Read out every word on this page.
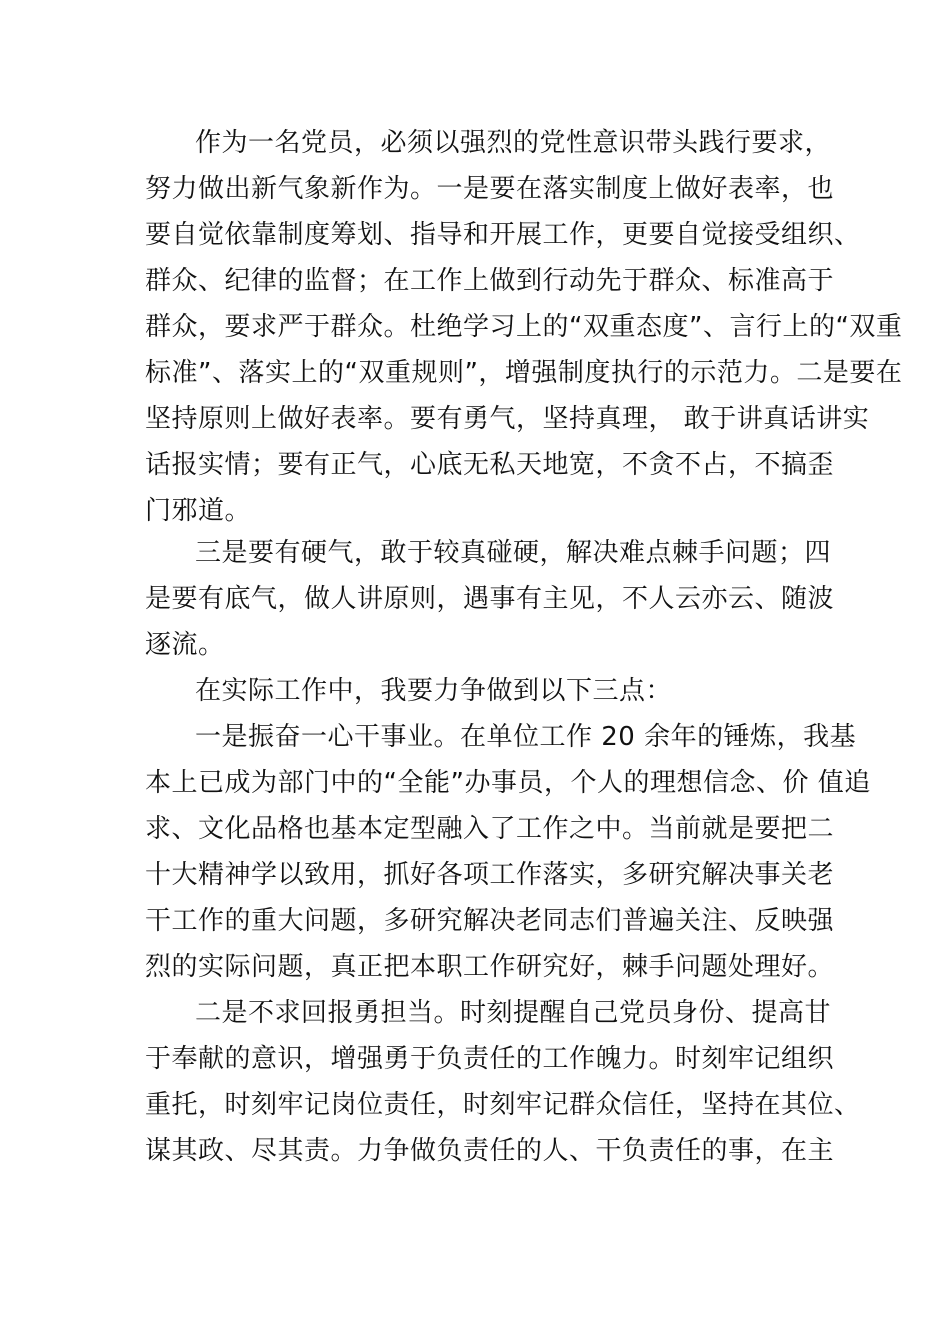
作为一名党员，必须以强烈的党性意识带头践行要求，
努力做出新气象新作为。一是要在落实制度上做好表率，也
要自觉依靠制度筹划、指导和开展工作，更要自觉接受组织、
群众、纪律的监督；在工作上做到行动先于群众、标准高于
群众，要求严于群众。杜绝学习上的“双重态度”、言行上的“双重
标准”、落实上的“双重规则”，增强制度执行的示范力。二是要在
坚持原则上做好表率。要有勇气，坚持真理， 敢于讲真话讲实
话报实情；要有正气，心底无私天地宽，不贪不占，不搞歪
门邪道。
三是要有硬气，敢于较真碰硬，解决难点棘手问题；四
是要有底气，做人讲原则，遇事有主见，不人云亦云、随波
逐流。
在实际工作中，我要力争做到以下三点：
一是振奋一心干事业。在单位工作 20 余年的锤炼，我基
本上已成为部门中的“全能”办事员，个人的理想信念、价 值追
求、文化品格也基本定型融入了工作之中。当前就是要把二
十大精神学以致用，抓好各项工作落实，多研究解决事关老
干工作的重大问题，多研究解决老同志们普遍关注、反映强
烈的实际问题，真正把本职工作研究好，棘手问题处理好。
二是不求回报勇担当。时刻提醒自己党员身份、提高甘
于奉献的意识，增强勇于负责任的工作魄力。时刻牢记组织
重托，时刻牢记岗位责任，时刻牢记群众信任，坚持在其位、
谋其政、尽其责。力争做负责任的人、干负责任的事，在主
